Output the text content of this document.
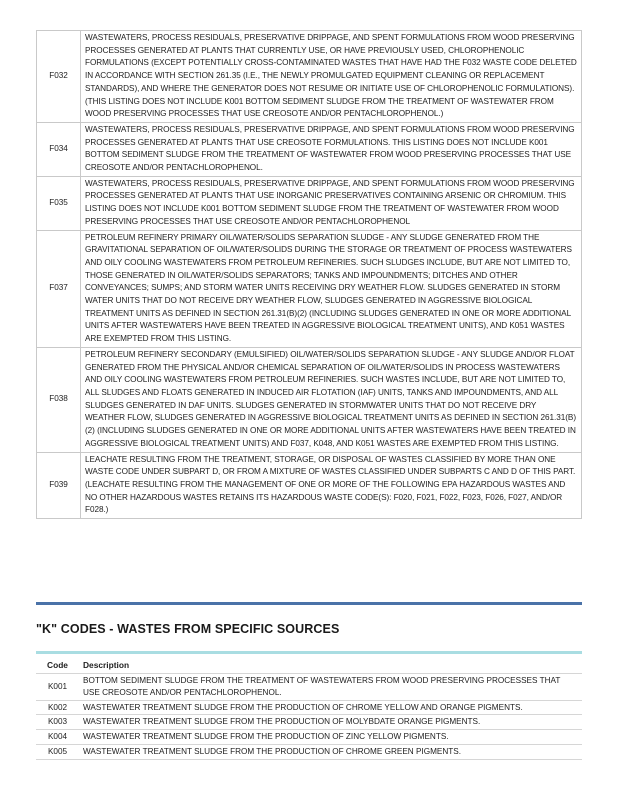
F032	WASTEWATERS, PROCESS RESIDUALS, PRESERVATIVE DRIPPAGE, AND SPENT FORMULATIONS FROM WOOD PRESERVING PROCESSES GENERATED AT PLANTS THAT CURRENTLY USE, OR HAVE PREVIOUSLY USED, CHLOROPHENOLIC FORMULATIONS (EXCEPT POTENTIALLY CROSS-CONTAMINATED WASTES THAT HAVE HAD THE F032 WASTE CODE DELETED IN ACCORDANCE WITH SECTION 261.35 (I.E., THE NEWLY PROMULGATED EQUIPMENT CLEANING OR REPLACEMENT STANDARDS), AND WHERE THE GENERATOR DOES NOT RESUME OR INITIATE USE OF CHLOROPHENOLIC FORMULATIONS). (THIS LISTING DOES NOT INCLUDE K001 BOTTOM SEDIMENT SLUDGE FROM THE TREATMENT OF WASTEWATER FROM WOOD PRESERVING PROCESSES THAT USE CREOSOTE AND/OR PENTACHLOROPHENOL.)
F034	WASTEWATERS, PROCESS RESIDUALS, PRESERVATIVE DRIPPAGE, AND SPENT FORMULATIONS FROM WOOD PRESERVING PROCESSES GENERATED AT PLANTS THAT USE CREOSOTE FORMULATIONS. THIS LISTING DOES NOT INCLUDE K001 BOTTOM SEDIMENT SLUDGE FROM THE TREATMENT OF WASTEWATER FROM WOOD PRESERVING PROCESSES THAT USE CREOSOTE AND/OR PENTACHLOROPHENOL.
F035	WASTEWATERS, PROCESS RESIDUALS, PRESERVATIVE DRIPPAGE, AND SPENT FORMULATIONS FROM WOOD PRESERVING PROCESSES GENERATED AT PLANTS THAT USE INORGANIC PRESERVATIVES CONTAINING ARSENIC OR CHROMIUM. THIS LISTING DOES NOT INCLUDE K001 BOTTOM SEDIMENT SLUDGE FROM THE TREATMENT OF WASTEWATER FROM WOOD PRESERVING PROCESSES THAT USE CREOSOTE AND/OR PENTACHLOROPHENOL
F037	PETROLEUM REFINERY PRIMARY OIL/WATER/SOLIDS SEPARATION SLUDGE - ANY SLUDGE GENERATED FROM THE GRAVITATIONAL SEPARATION OF OIL/WATER/SOLIDS DURING THE STORAGE OR TREATMENT OF PROCESS WASTEWATERS AND OILY COOLING WASTEWATERS FROM PETROLEUM REFINERIES. SUCH SLUDGES INCLUDE, BUT ARE NOT LIMITED TO, THOSE GENERATED IN OIL/WATER/SOLIDS SEPARATORS; TANKS AND IMPOUNDMENTS; DITCHES AND OTHER CONVEYANCES; SUMPS; AND STORM WATER UNITS RECEIVING DRY WEATHER FLOW. SLUDGES GENERATED IN STORM WATER UNITS THAT DO NOT RECEIVE DRY WEATHER FLOW, SLUDGES GENERATED IN AGGRESSIVE BIOLOGICAL TREATMENT UNITS AS DEFINED IN SECTION 261.31(B)(2) (INCLUDING SLUDGES GENERATED IN ONE OR MORE ADDITIONAL UNITS AFTER WASTEWATERS HAVE BEEN TREATED IN AGGRESSIVE BIOLOGICAL TREATMENT UNITS), AND K051 WASTES ARE EXEMPTED FROM THIS LISTING.
F038	PETROLEUM REFINERY SECONDARY (EMULSIFIED) OIL/WATER/SOLIDS SEPARATION SLUDGE - ANY SLUDGE AND/OR FLOAT GENERATED FROM THE PHYSICAL AND/OR CHEMICAL SEPARATION OF OIL/WATER/SOLIDS IN PROCESS WASTEWATERS AND OILY COOLING WASTEWATERS FROM PETROLEUM REFINERIES. SUCH WASTES INCLUDE, BUT ARE NOT LIMITED TO, ALL SLUDGES AND FLOATS GENERATED IN INDUCED AIR FLOTATION (IAF) UNITS, TANKS AND IMPOUNDMENTS, AND ALL SLUDGES GENERATED IN DAF UNITS. SLUDGES GENERATED IN STORMWATER UNITS THAT DO NOT RECEIVE DRY WEATHER FLOW, SLUDGES GENERATED IN AGGRESSIVE BIOLOGICAL TREATMENT UNITS AS DEFINED IN SECTION 261.31(B)(2) (INCLUDING SLUDGES GENERATED IN ONE OR MORE ADDITIONAL UNITS AFTER WASTEWATERS HAVE BEEN TREATED IN AGGRESSIVE BIOLOGICAL TREATMENT UNITS) AND F037, K048, AND K051 WASTES ARE EXEMPTED FROM THIS LISTING.
F039	LEACHATE RESULTING FROM THE TREATMENT, STORAGE, OR DISPOSAL OF WASTES CLASSIFIED BY MORE THAN ONE WASTE CODE UNDER SUBPART D, OR FROM A MIXTURE OF WASTES CLASSIFIED UNDER SUBPARTS C AND D OF THIS PART. (LEACHATE RESULTING FROM THE MANAGEMENT OF ONE OR MORE OF THE FOLLOWING EPA HAZARDOUS WASTES AND NO OTHER HAZARDOUS WASTES RETAINS ITS HAZARDOUS WASTE CODE(S): F020, F021, F022, F023, F026, F027, AND/OR F028.)
"K" CODES - WASTES FROM SPECIFIC SOURCES
Code	Description
K001	BOTTOM SEDIMENT SLUDGE FROM THE TREATMENT OF WASTEWATERS FROM WOOD PRESERVING PROCESSES THAT USE CREOSOTE AND/OR PENTACHLOROPHENOL.
K002	WASTEWATER TREATMENT SLUDGE FROM THE PRODUCTION OF CHROME YELLOW AND ORANGE PIGMENTS.
K003	WASTEWATER TREATMENT SLUDGE FROM THE PRODUCTION OF MOLYBDATE ORANGE PIGMENTS.
K004	WASTEWATER TREATMENT SLUDGE FROM THE PRODUCTION OF ZINC YELLOW PIGMENTS.
K005	WASTEWATER TREATMENT SLUDGE FROM THE PRODUCTION OF CHROME GREEN PIGMENTS.
